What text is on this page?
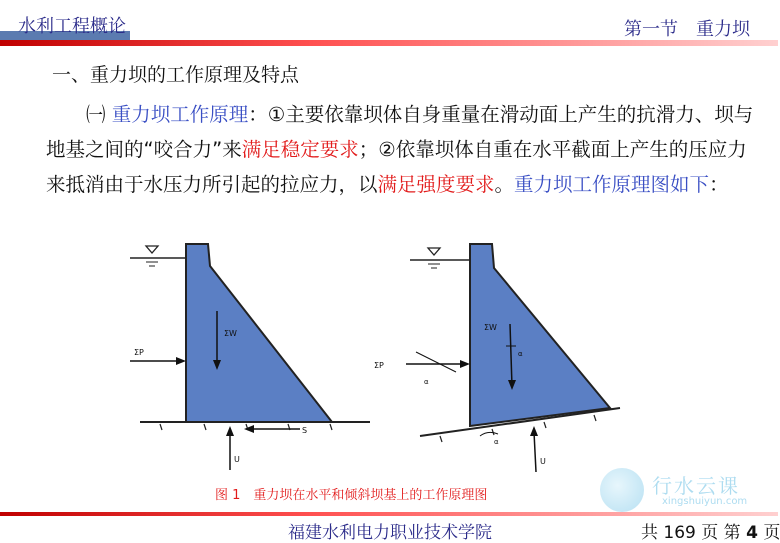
水利工程概论	第一节　重力坝
一、重力坝的工作原理及特点
㈠ 重力坝工作原理：①主要依靠坝体自身重量在滑动面上产生的抗滑力、坝与地基之间的“咬合力”来满足稳定要求；②依靠坝体自重在水平截面上产生的压应力来抵消由于水压力所引起的拉应力，以满足强度要求。重力坝工作原理图如下：
ΣW
ΣP
S
U
ΣW
α
ΣP
α
U
α
图 1　重力坝在水平和倾斜坝基上的工作原理图	行水云课
xingshuiyun.com
福建水利电力职业技术学院	共 169 页 第 4 页
